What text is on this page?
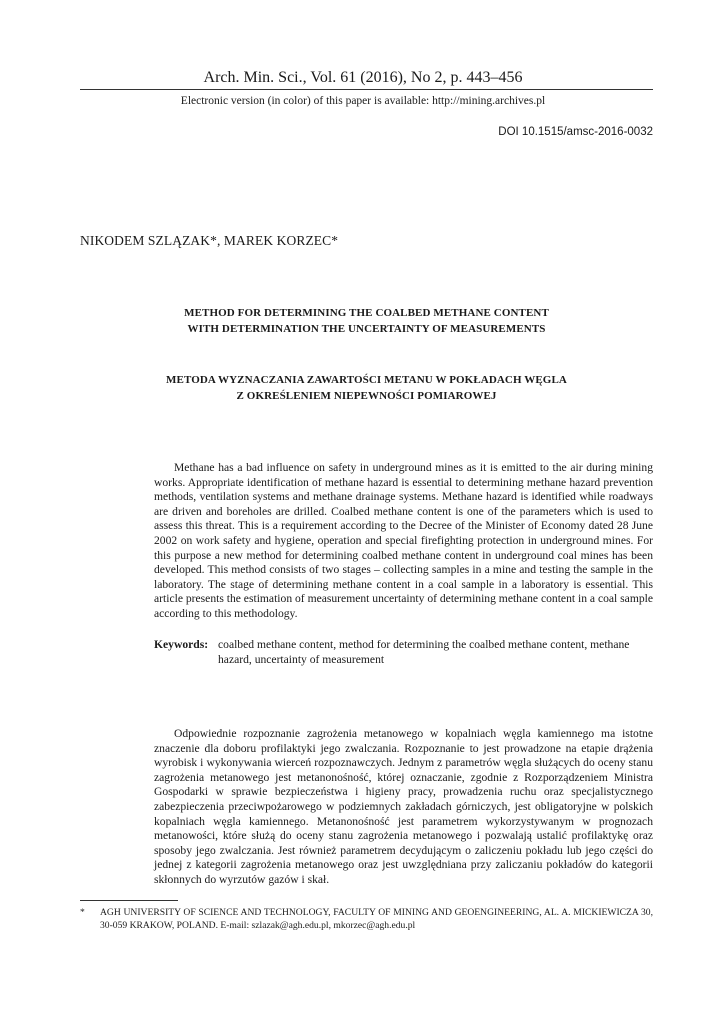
Arch. Min. Sci., Vol. 61 (2016), No 2, p. 443–456
Electronic version (in color) of this paper is available: http://mining.archives.pl
DOI 10.1515/amsc-2016-0032
NIKODEM SZLĄZAK*, MAREK KORZEC*
METHOD FOR DETERMINING THE COALBED METHANE CONTENT
WITH DETERMINATION THE UNCERTAINTY OF MEASUREMENTS
METODA WYZNACZANIA ZAWARTOŚCI METANU W POKŁADACH WĘGLA
Z OKREŚLENIEM NIEPEWNOŚCI POMIAROWEJ

Methane has a bad influence on safety in underground mines as it is emitted to the air during mining works. Appropriate identification of methane hazard is essential to determining methane hazard prevention methods, ventilation systems and methane drainage systems. Methane hazard is identified while roadways are driven and boreholes are drilled. Coalbed methane content is one of the parameters which is used to assess this threat. This is a requirement according to the Decree of the Minister of Economy dated 28 June 2002 on work safety and hygiene, operation and special firefighting protection in underground mines. For this purpose a new method for determining coalbed methane content in underground coal mines has been developed. This method consists of two stages – collecting samples in a mine and testing the sample in the laboratory. The stage of determining methane content in a coal sample in a laboratory is essential. This article presents the estimation of measurement uncertainty of determining methane content in a coal sample according to this methodology.

Keywords: coalbed methane content, method for determining the coalbed methane content, methane hazard, uncertainty of measurement

Odpowiednie rozpoznanie zagrożenia metanowego w kopalniach węgla kamiennego ma istotne znaczenie dla doboru profilaktyki jego zwalczania. Rozpoznanie to jest prowadzone na etapie drążenia wyrobisk i wykonywania wierceń rozpoznawczych. Jednym z parametrów węgla służących do oceny stanu zagrożenia metanowego jest metanonośność, której oznaczanie, zgodnie z Rozporządzeniem Ministra Gospodarki w sprawie bezpieczeństwa i higieny pracy, prowadzenia ruchu oraz specjalistycznego zabezpieczenia przeciwpożarowego w podziemnych zakładach górniczych, jest obligatoryjne w polskich kopalniach węgla kamiennego. Metanonośność jest parametrem wykorzystywanym w prognozach metanowości, które służą do oceny stanu zagrożenia metanowego i pozwalają ustalić profilaktykę oraz sposoby jego zwalczania. Jest również parametrem decydującym o zaliczeniu pokładu lub jego części do jednej z kategorii zagrożenia metanowego oraz jest uwzględniana przy zaliczaniu pokładów do kategorii skłonnych do wyrzutów gazów i skał.

* AGH UNIVERSITY OF SCIENCE AND TECHNOLOGY, FACULTY OF MINING AND GEOENGINEERING, AL. A. MICKIEWICZA 30, 30-059 KRAKOW, POLAND. E-mail: szlazak@agh.edu.pl, mkorzec@agh.edu.pl
